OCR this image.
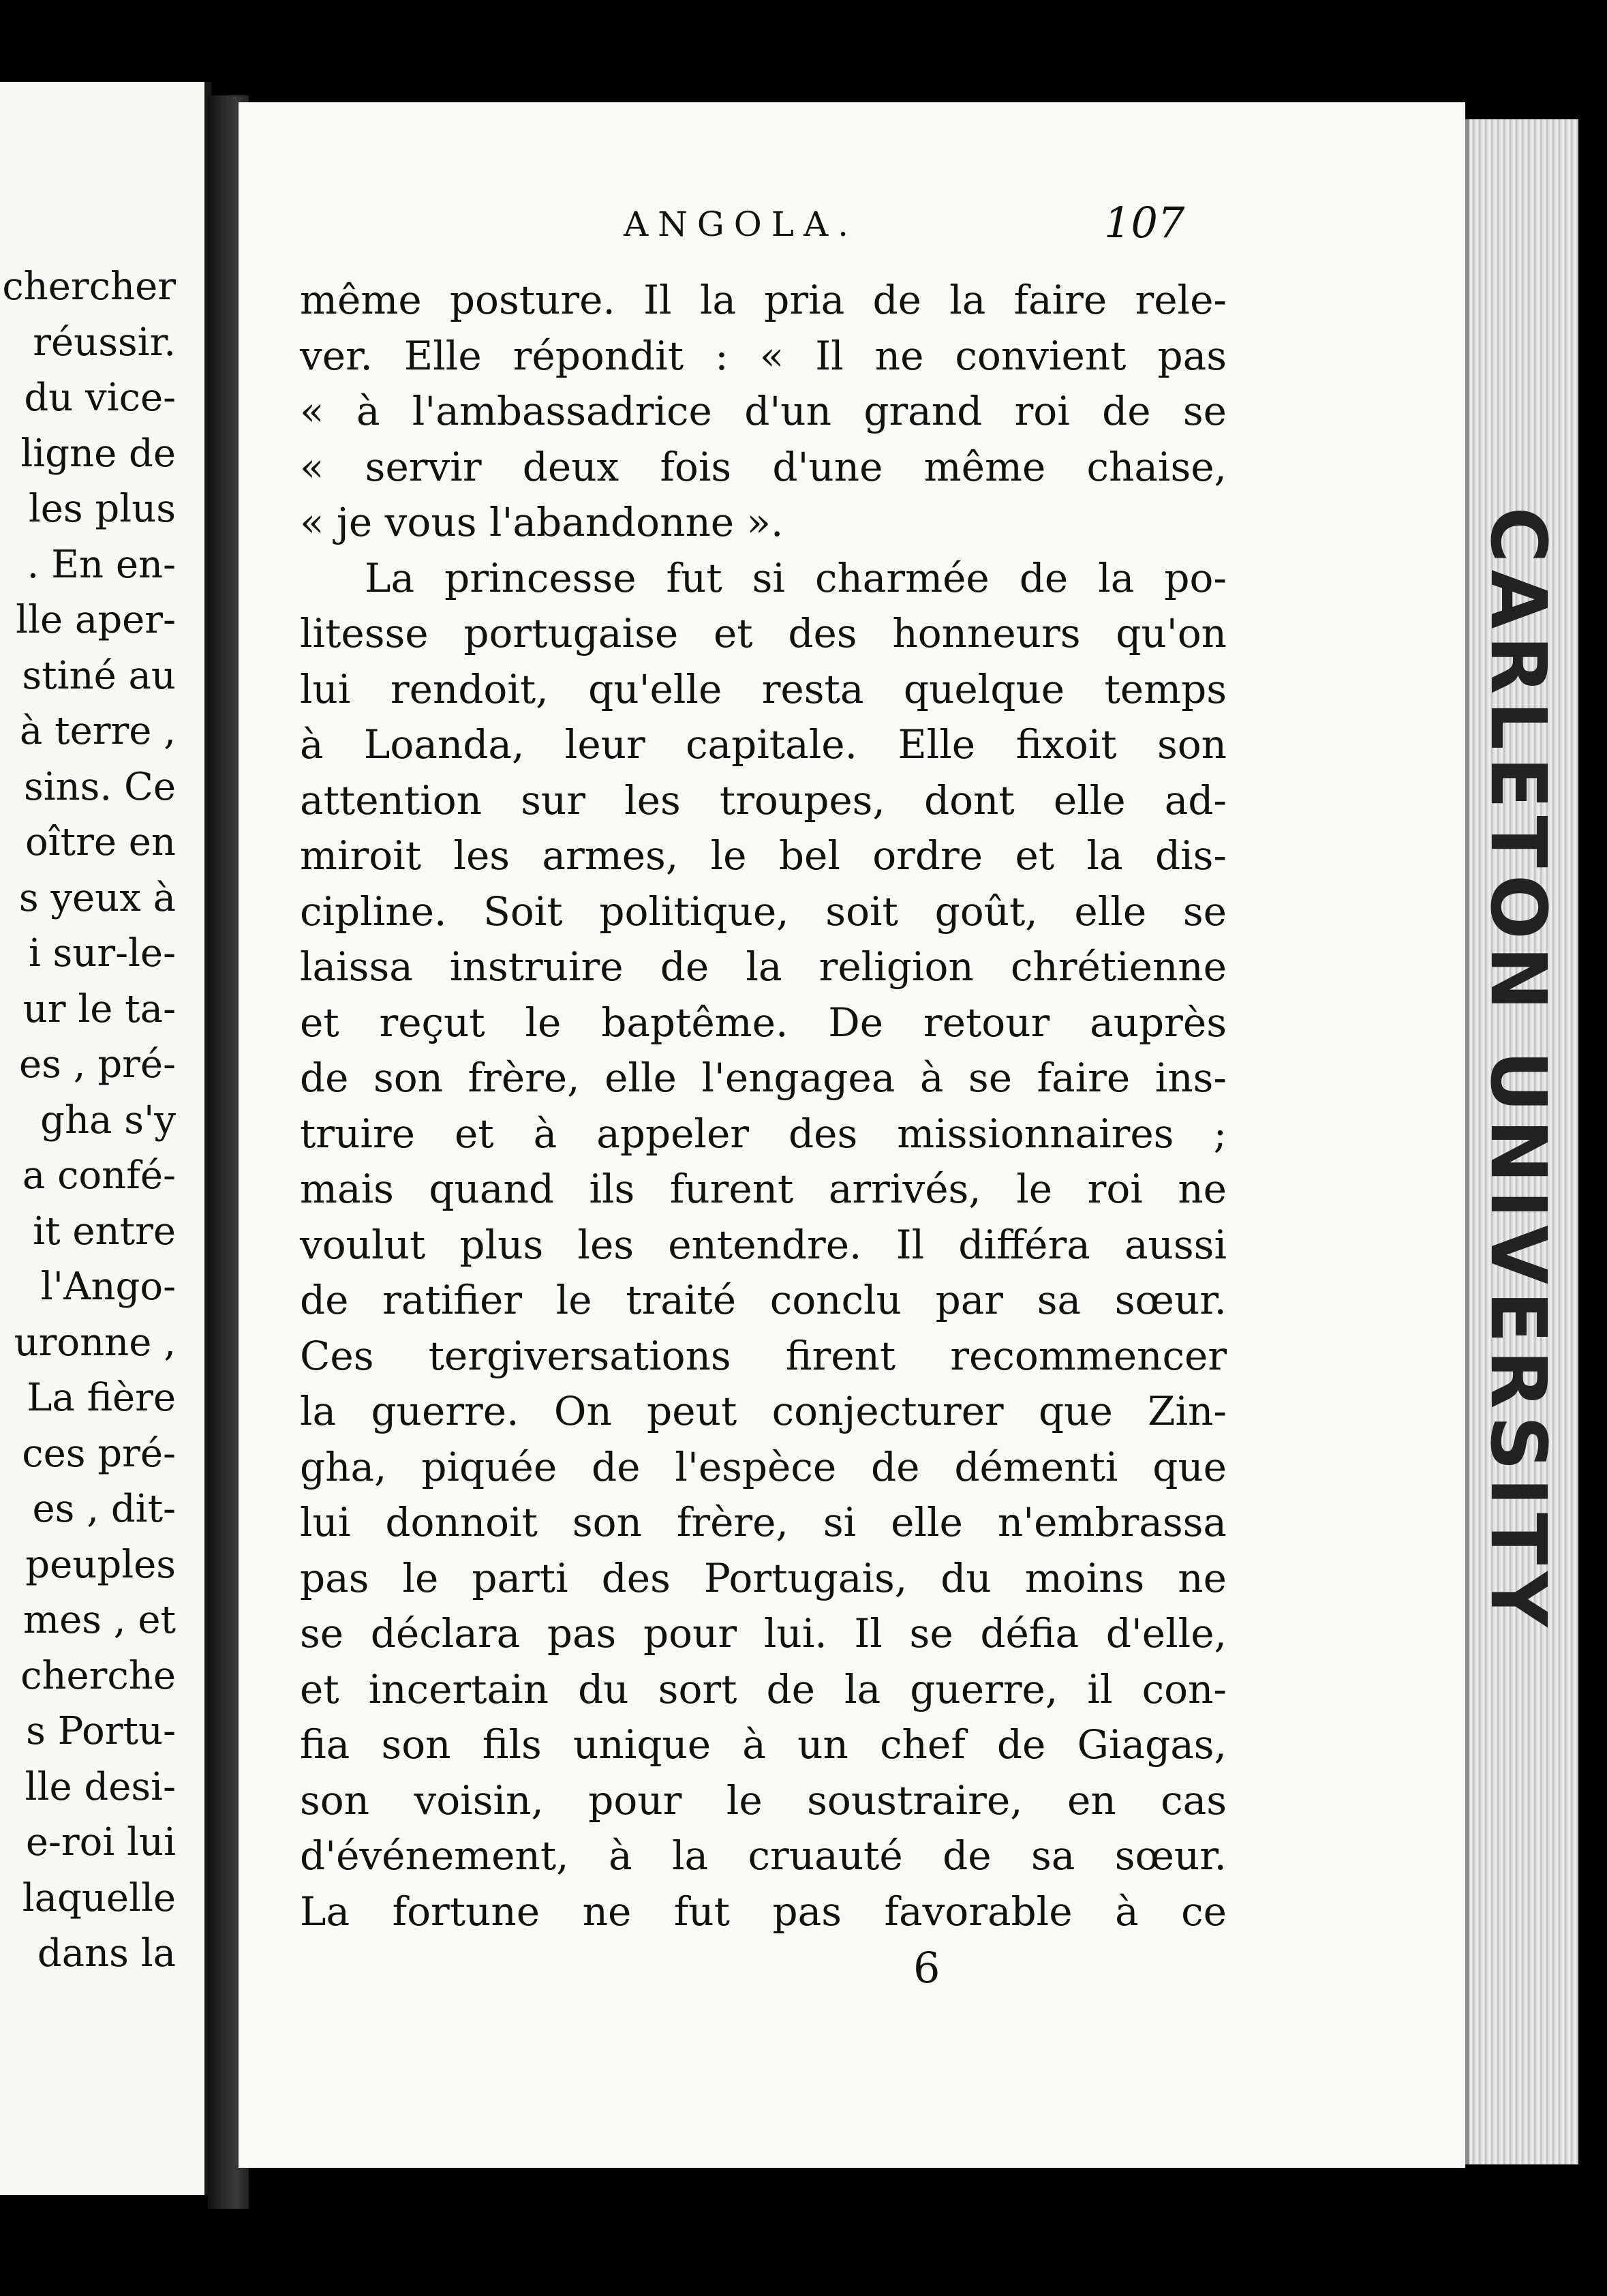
chercher
réussir.
du vice-
ligne de
les plus
. En en-
lle aper-
stiné au
à terre ,
sins. Ce
oître en
s yeux à
i sur-le-
ur le ta-
es , pré-
gha s'y
a confé-
it entre
l'Ango-
uronne ,
La fière
ces pré-
es , dit-
peuples
mes , et
cherche
s Portu-
lle desi-
e-roi lui
laquelle
dans la
ANGOLA.	107
même posture. Il la pria de la faire rele-
ver. Elle répondit : « Il ne convient pas
« à l'ambassadrice d'un grand roi de se
« servir deux fois d'une même chaise,
« je vous l'abandonne ».
La princesse fut si charmée de la po-
litesse portugaise et des honneurs qu'on
lui rendoit, qu'elle resta quelque temps
à Loanda, leur capitale. Elle fixoit son
attention sur les troupes, dont elle ad-
miroit les armes, le bel ordre et la dis-
cipline. Soit politique, soit goût, elle se
laissa instruire de la religion chrétienne
et reçut le baptême. De retour auprès
de son frère, elle l'engagea à se faire ins-
truire et à appeler des missionnaires ;
mais quand ils furent arrivés, le roi ne
voulut plus les entendre. Il différa aussi
de ratifier le traité conclu par sa sœur.
Ces tergiversations firent recommencer
la guerre. On peut conjecturer que Zin-
gha, piquée de l'espèce de démenti que
lui donnoit son frère, si elle n'embrassa
pas le parti des Portugais, du moins ne
se déclara pas pour lui. Il se défia d'elle,
et incertain du sort de la guerre, il con-
fia son fils unique à un chef de Giagas,
son voisin, pour le soustraire, en cas
d'événement, à la cruauté de sa sœur.
La fortune ne fut pas favorable à ce
6
CARLETON UNIVERSITY
